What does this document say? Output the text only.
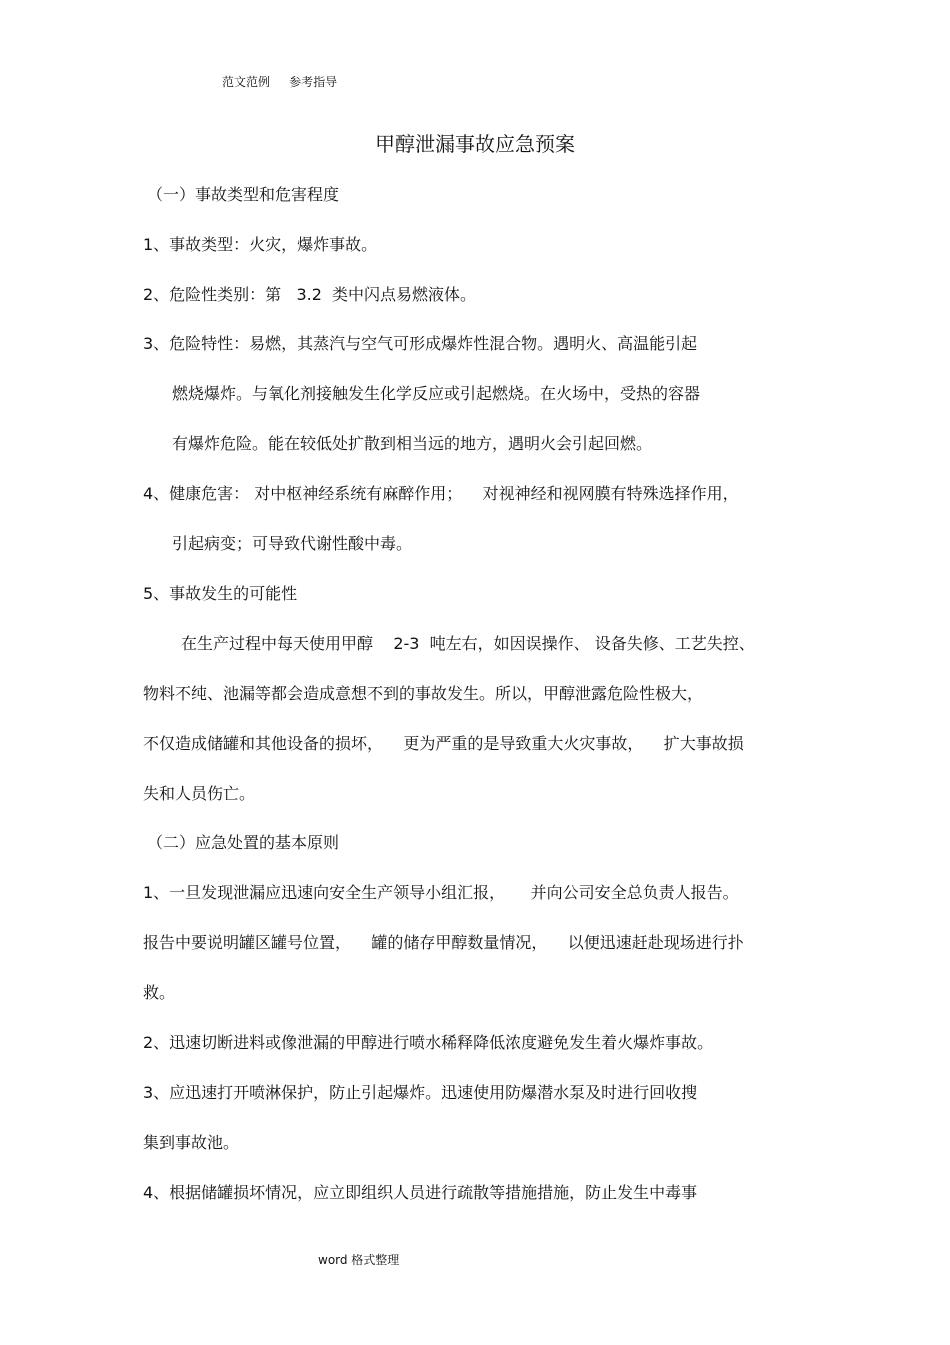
范文范例     参考指导
甲醇泄漏事故应急预案
（一）事故类型和危害程度
1、事故类型：火灾，爆炸事故。
2、危险性类别：第   3.2  类中闪点易燃液体。
3、危险特性：易燃，其蒸汽与空气可形成爆炸性混合物。遇明火、高温能引起
燃烧爆炸。与氧化剂接触发生化学反应或引起燃烧。在火场中，受热的容器
有爆炸危险。能在较低处扩散到相当远的地方，遇明火会引起回燃。
4、健康危害： 对中枢神经系统有麻醉作用；    对视神经和视网膜有特殊选择作用，
引起病变；可导致代谢性酸中毒。
5、事故发生的可能性
在生产过程中每天使用甲醇    2-3  吨左右，如因误操作、 设备失修、工艺失控、
物料不纯、池漏等都会造成意想不到的事故发生。所以，甲醇泄露危险性极大，
不仅造成储罐和其他设备的损坏，    更为严重的是导致重大火灾事故，    扩大事故损
失和人员伤亡。
（二）应急处置的基本原则
1、一旦发现泄漏应迅速向安全生产领导小组汇报，     并向公司安全总负责人报告。
报告中要说明罐区罐号位置，    罐的储存甲醇数量情况，    以便迅速赶赴现场进行扑
救。
2、迅速切断进料或像泄漏的甲醇进行喷水稀释降低浓度避免发生着火爆炸事故。
3、应迅速打开喷淋保护，防止引起爆炸。迅速使用防爆潜水泵及时进行回收搜
集到事故池。
4、根据储罐损坏情况，应立即组织人员进行疏散等措施措施，防止发生中毒事
word 格式整理
